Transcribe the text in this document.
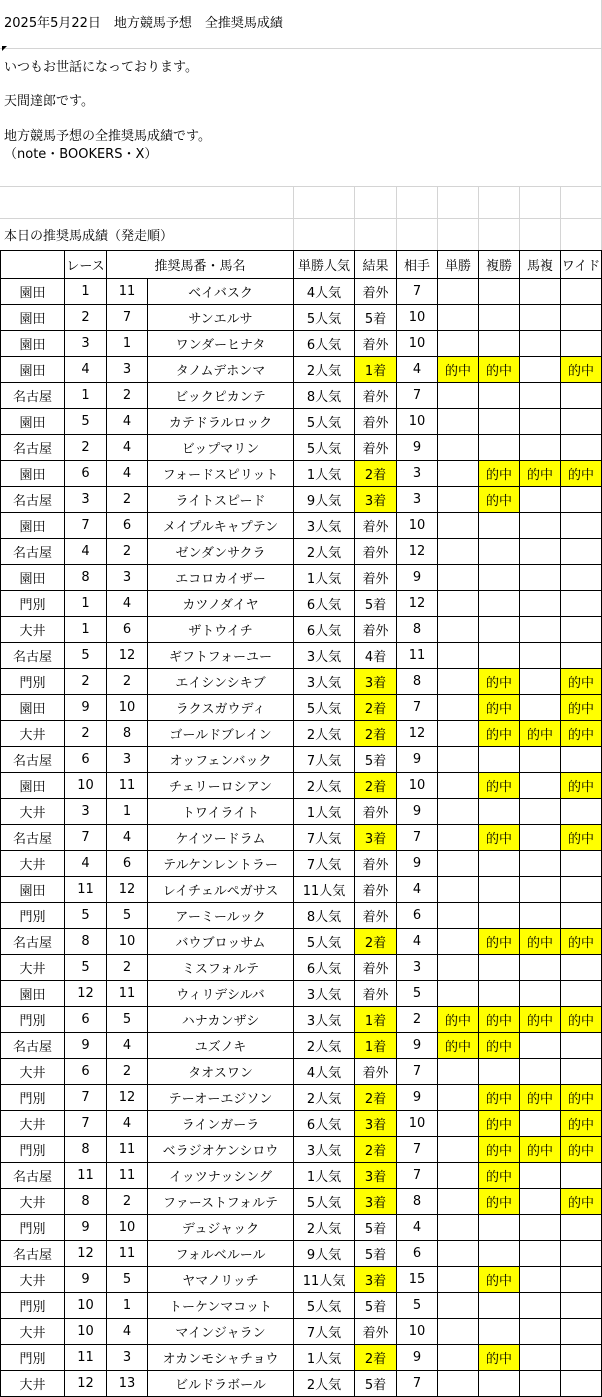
2025年5月22日　地方競馬予想　全推奨馬成績
いつもお世話になっております。
天間達郎です。
地方競馬予想の全推奨馬成績です。
（note・BOOKERS・X）
本日の推奨馬成績（発走順）
	レース	推奨馬番・馬名		単勝人気	結果	相手	単勝	複勝	馬複	ワイド
園田	1	11	ベイバスク	4人気	着外	7				
園田	2	7	サンエルサ	5人気	5着	10				
園田	3	1	ワンダーヒナタ	6人気	着外	10				
園田	4	3	タノムデホンマ	2人気	1着	4	的中	的中		的中
名古屋	1	2	ビックピカンテ	8人気	着外	7				
園田	5	4	カテドラルロック	5人気	着外	10				
名古屋	2	4	ビップマリン	5人気	着外	9				
園田	6	4	フォードスピリット	1人気	2着	3		的中	的中	的中
名古屋	3	2	ライトスピード	9人気	3着	3		的中		
園田	7	6	メイプルキャプテン	3人気	着外	10				
名古屋	4	2	ゼンダンサクラ	2人気	着外	12				
園田	8	3	エコロカイザー	1人気	着外	9				
門別	1	4	カツノダイヤ	6人気	5着	12				
大井	1	6	ザトウイチ	6人気	着外	8				
名古屋	5	12	ギフトフォーユー	3人気	4着	11				
門別	2	2	エイシンシキブ	3人気	3着	8		的中		的中
園田	9	10	ラクスガウディ	5人気	2着	7		的中		的中
大井	2	8	ゴールドブレイン	2人気	2着	12		的中	的中	的中
名古屋	6	3	オッフェンバック	7人気	5着	9				
園田	10	11	チェリーロシアン	2人気	2着	10		的中		的中
大井	3	1	トワイライト	1人気	着外	9				
名古屋	7	4	ケイツードラム	7人気	3着	7		的中		的中
大井	4	6	テルケンレントラー	7人気	着外	9				
園田	11	12	レイチェルペガサス	11人気	着外	4				
門別	5	5	アーミールック	8人気	着外	6				
名古屋	8	10	バウブロッサム	5人気	2着	4		的中	的中	的中
大井	5	2	ミスフォルテ	6人気	着外	3				
園田	12	11	ウィリデシルバ	3人気	着外	5				
門別	6	5	ハナカンザシ	3人気	1着	2	的中	的中	的中	的中
名古屋	9	4	ユズノキ	2人気	1着	9	的中	的中		
大井	6	2	タオスワン	4人気	着外	7				
門別	7	12	テーオーエジソン	2人気	2着	9		的中	的中	的中
大井	7	4	ラインガーラ	6人気	3着	10		的中		的中
門別	8	11	ベラジオケンシロウ	3人気	2着	7		的中	的中	的中
名古屋	11	11	イッツナッシング	1人気	3着	7		的中		
大井	8	2	ファーストフォルテ	5人気	3着	8		的中		的中
門別	9	10	デュジャック	2人気	5着	4				
名古屋	12	11	フォルベルール	9人気	5着	6				
大井	9	5	ヤマノリッチ	11人気	3着	15		的中		
門別	10	1	トーケンマコット	5人気	5着	5				
大井	10	4	マインジャラン	7人気	着外	10				
門別	11	3	オカンモシャチョウ	1人気	2着	9		的中		
大井	12	13	ビルドラボール	2人気	5着	7				
